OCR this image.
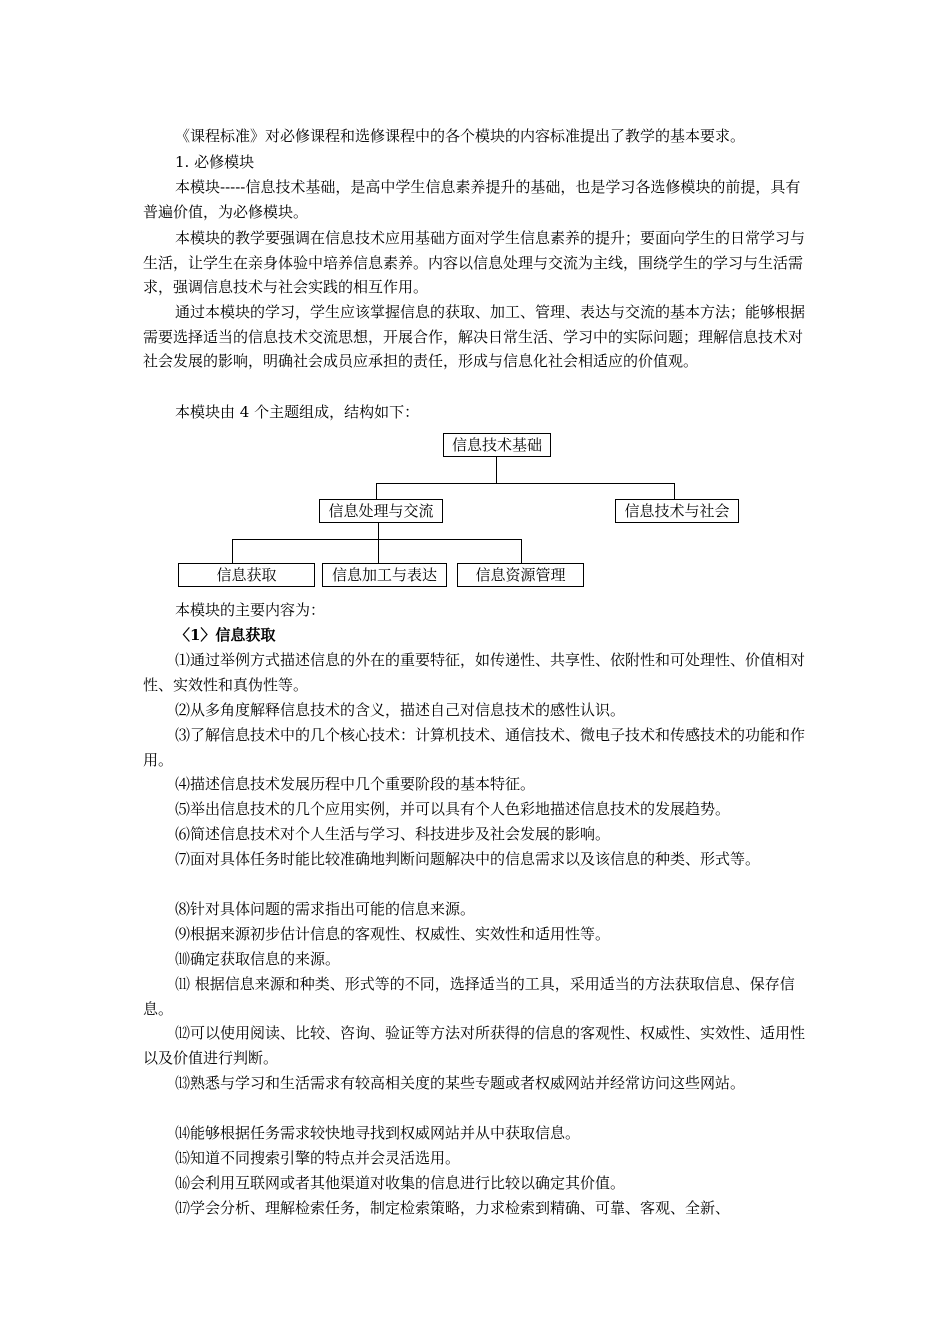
《课程标准》对必修课程和选修课程中的各个模块的内容标准提出了教学的基本要求。

1. 必修模块

本模块-----信息技术基础，是高中学生信息素养提升的基础，也是学习各选修模块的前提，具有普遍价值，为必修模块。

本模块的教学要强调在信息技术应用基础方面对学生信息素养的提升；要面向学生的日常学习与生活，让学生在亲身体验中培养信息素养。内容以信息处理与交流为主线，围绕学生的学习与生活需求，强调信息技术与社会实践的相互作用。

通过本模块的学习，学生应该掌握信息的获取、加工、管理、表达与交流的基本方法；能够根据需要选择适当的信息技术交流思想，开展合作，解决日常生活、学习中的实际问题；理解信息技术对社会发展的影响，明确社会成员应承担的责任，形成与信息化社会相适应的价值观。

本模块由 4 个主题组成，结构如下：

信息技术基础
信息处理与交流	信息技术与社会
信息获取	信息加工与表达	信息资源管理

本模块的主要内容为：

〈1〉信息获取

⑴通过举例方式描述信息的外在的重要特征，如传递性、共享性、依附性和可处理性、价值相对性、实效性和真伪性等。

⑵从多角度解释信息技术的含义，描述自己对信息技术的感性认识。

⑶了解信息技术中的几个核心技术：计算机技术、通信技术、微电子技术和传感技术的功能和作用。

⑷描述信息技术发展历程中几个重要阶段的基本特征。

⑸举出信息技术的几个应用实例，并可以具有个人色彩地描述信息技术的发展趋势。

⑹简述信息技术对个人生活与学习、科技进步及社会发展的影响。

⑺面对具体任务时能比较准确地判断问题解决中的信息需求以及该信息的种类、形式等。

⑻针对具体问题的需求指出可能的信息来源。

⑼根据来源初步估计信息的客观性、权威性、实效性和适用性等。

⑽确定获取信息的来源。

⑾ 根据信息来源和种类、形式等的不同，选择适当的工具，采用适当的方法获取信息、保存信息。

⑿可以使用阅读、比较、咨询、验证等方法对所获得的信息的客观性、权威性、实效性、适用性以及价值进行判断。

⒀熟悉与学习和生活需求有较高相关度的某些专题或者权威网站并经常访问这些网站。

⒁能够根据任务需求较快地寻找到权威网站并从中获取信息。

⒂知道不同搜索引擎的特点并会灵活选用。

⒃会利用互联网或者其他渠道对收集的信息进行比较以确定其价值。

⒄学会分析、理解检索任务，制定检索策略，力求检索到精确、可靠、客观、全新、
